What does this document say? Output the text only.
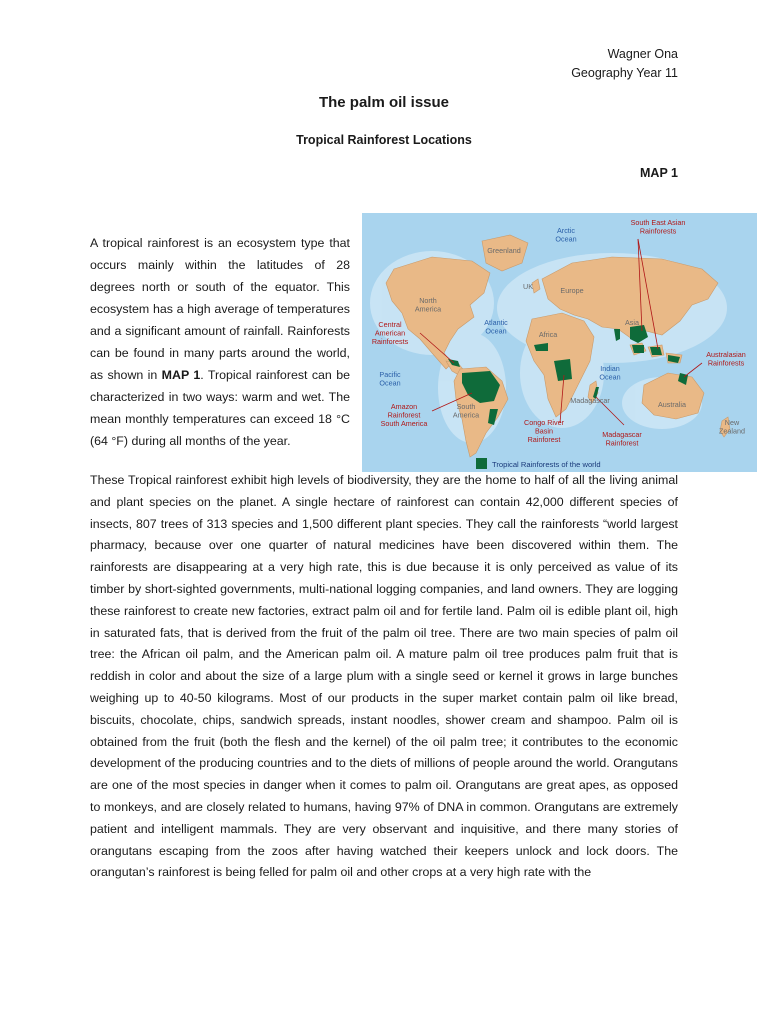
Wagner Ona
Geography Year 11
The palm oil issue
Tropical Rainforest Locations
MAP 1

A tropical rainforest is an ecosystem type that occurs mainly within the latitudes of 28 degrees north or south of the equator. This ecosystem has a high average of temperatures and a significant amount of rainfall. Rainforests can be found in many parts around the world, as shown in MAP 1. Tropical rainforest can be characterized in two ways: warm and wet. The mean monthly temperatures can exceed 18 °C (64 °F) during all months of the year.

Arctic Ocean
Atlantic Ocean
Pacific Ocean
Indian Ocean
Greenland
North America
UK	Europe
Asia
Africa
South America
Madagascar	Australia
New Zealand
South East Asian Rainforests
Central American Rainforests
Australasian Rainforests
Amazon Rainforest South America	Congo River Basin Rainforest
Madagascar Rainforest
Tropical Rainforests of the world

These Tropical rainforest exhibit high levels of biodiversity, they are the home to half of all the living animal and plant species on the planet. A single hectare of rainforest can contain 42,000 different species of insects, 807 trees of 313 species and 1,500 different plant species. They call the rainforests “world largest pharmacy, because over one quarter of natural medicines have been discovered within them. The rainforests are disappearing at a very high rate, this is due because it is only perceived as value of its timber by short-sighted governments, multi-national logging companies, and land owners. They are logging these rainforest to create new factories, extract palm oil and for fertile land. Palm oil is edible plant oil, high in saturated fats, that is derived from the fruit of the palm oil tree. There are two main species of palm oil tree: the African oil palm, and the American palm oil. A mature palm oil tree produces palm fruit that is reddish in color and about the size of a large plum with a single seed or kernel it grows in large bunches weighing up to 40-50 kilograms. Most of our products in the super market contain palm oil like bread, biscuits, chocolate, chips, sandwich spreads, instant noodles, shower cream and shampoo. Palm oil is obtained from the fruit (both the flesh and the kernel) of the oil palm tree; it contributes to the economic development of the producing countries and to the diets of millions of people around the world. Orangutans are one of the most species in danger when it comes to palm oil. Orangutans are great apes, as opposed to monkeys, and are closely related to humans, having 97% of DNA in common. Orangutans are extremely patient and intelligent mammals. They are very observant and inquisitive, and there many stories of orangutans escaping from the zoos after having watched their keepers unlock and lock doors. The orangutan’s rainforest is being felled for palm oil and other crops at a very high rate with the
